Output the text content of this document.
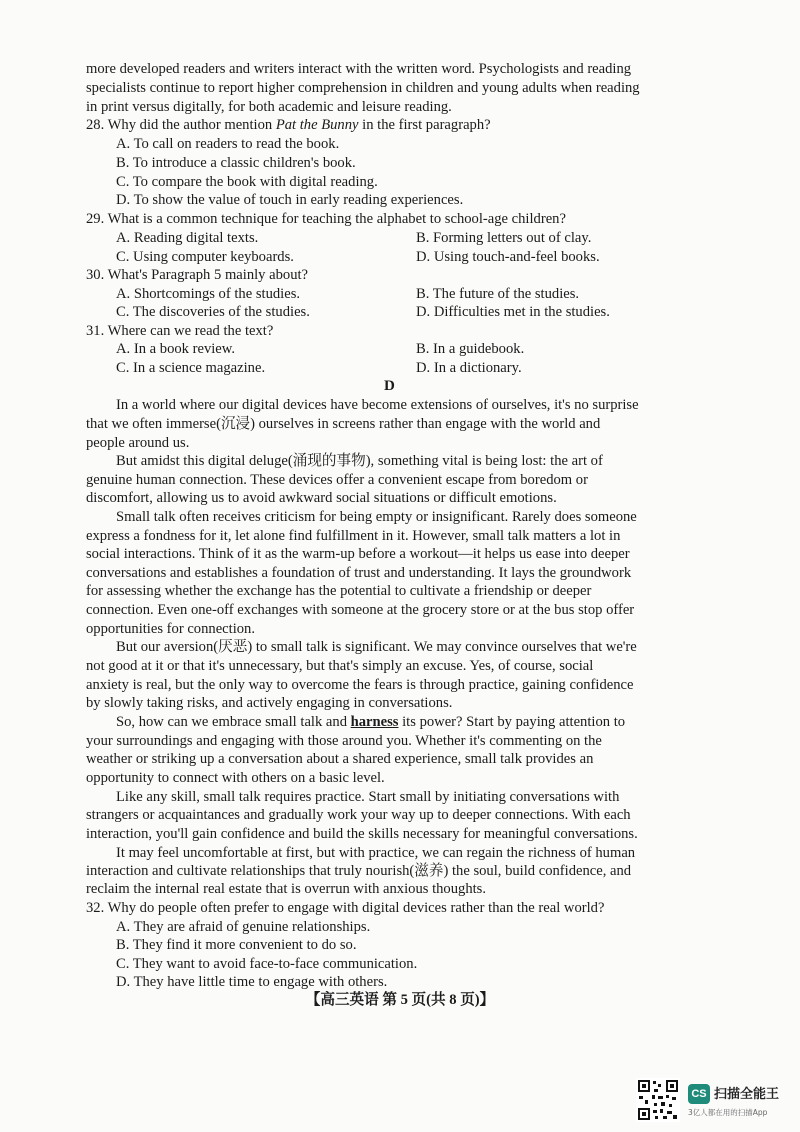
more developed readers and writers interact with the written word. Psychologists and reading
specialists continue to report higher comprehension in children and young adults when reading
in print versus digitally, for both academic and leisure reading.
28. Why did the author mention Pat the Bunny in the first paragraph?
A. To call on readers to read the book.
B. To introduce a classic children's book.
C. To compare the book with digital reading.
D. To show the value of touch in early reading experiences.
29. What is a common technique for teaching the alphabet to school-age children?
A. Reading digital texts.	B. Forming letters out of clay.
C. Using computer keyboards.	D. Using touch-and-feel books.
30. What's Paragraph 5 mainly about?
A. Shortcomings of the studies.	B. The future of the studies.
C. The discoveries of the studies.	D. Difficulties met in the studies.
31. Where can we read the text?
A. In a book review.	B. In a guidebook.
C. In a science magazine.	D. In a dictionary.
D
In a world where our digital devices have become extensions of ourselves, it's no surprise
that we often immerse(沉浸) ourselves in screens rather than engage with the world and
people around us.
But amidst this digital deluge(涌现的事物), something vital is being lost: the art of
genuine human connection. These devices offer a convenient escape from boredom or
discomfort, allowing us to avoid awkward social situations or difficult emotions.
Small talk often receives criticism for being empty or insignificant. Rarely does someone
express a fondness for it, let alone find fulfillment in it. However, small talk matters a lot in
social interactions. Think of it as the warm-up before a workout—it helps us ease into deeper
conversations and establishes a foundation of trust and understanding. It lays the groundwork
for assessing whether the exchange has the potential to cultivate a friendship or deeper
connection. Even one-off exchanges with someone at the grocery store or at the bus stop offer
opportunities for connection.
But our aversion(厌恶) to small talk is significant. We may convince ourselves that we're
not good at it or that it's unnecessary, but that's simply an excuse. Yes, of course, social
anxiety is real, but the only way to overcome the fears is through practice, gaining confidence
by slowly taking risks, and actively engaging in conversations.
So, how can we embrace small talk and harness its power? Start by paying attention to
your surroundings and engaging with those around you. Whether it's commenting on the
weather or striking up a conversation about a shared experience, small talk provides an
opportunity to connect with others on a basic level.
Like any skill, small talk requires practice. Start small by initiating conversations with
strangers or acquaintances and gradually work your way up to deeper connections. With each
interaction, you'll gain confidence and build the skills necessary for meaningful conversations.
It may feel uncomfortable at first, but with practice, we can regain the richness of human
interaction and cultivate relationships that truly nourish(滋养) the soul, build confidence, and
reclaim the internal real estate that is overrun with anxious thoughts.
32. Why do people often prefer to engage with digital devices rather than the real world?
A. They are afraid of genuine relationships.
B. They find it more convenient to do so.
C. They want to avoid face-to-face communication.
D. They have little time to engage with others.
【高三英语 第 5 页(共 8 页)】
CS 扫描全能王
3亿人都在用的扫描App
